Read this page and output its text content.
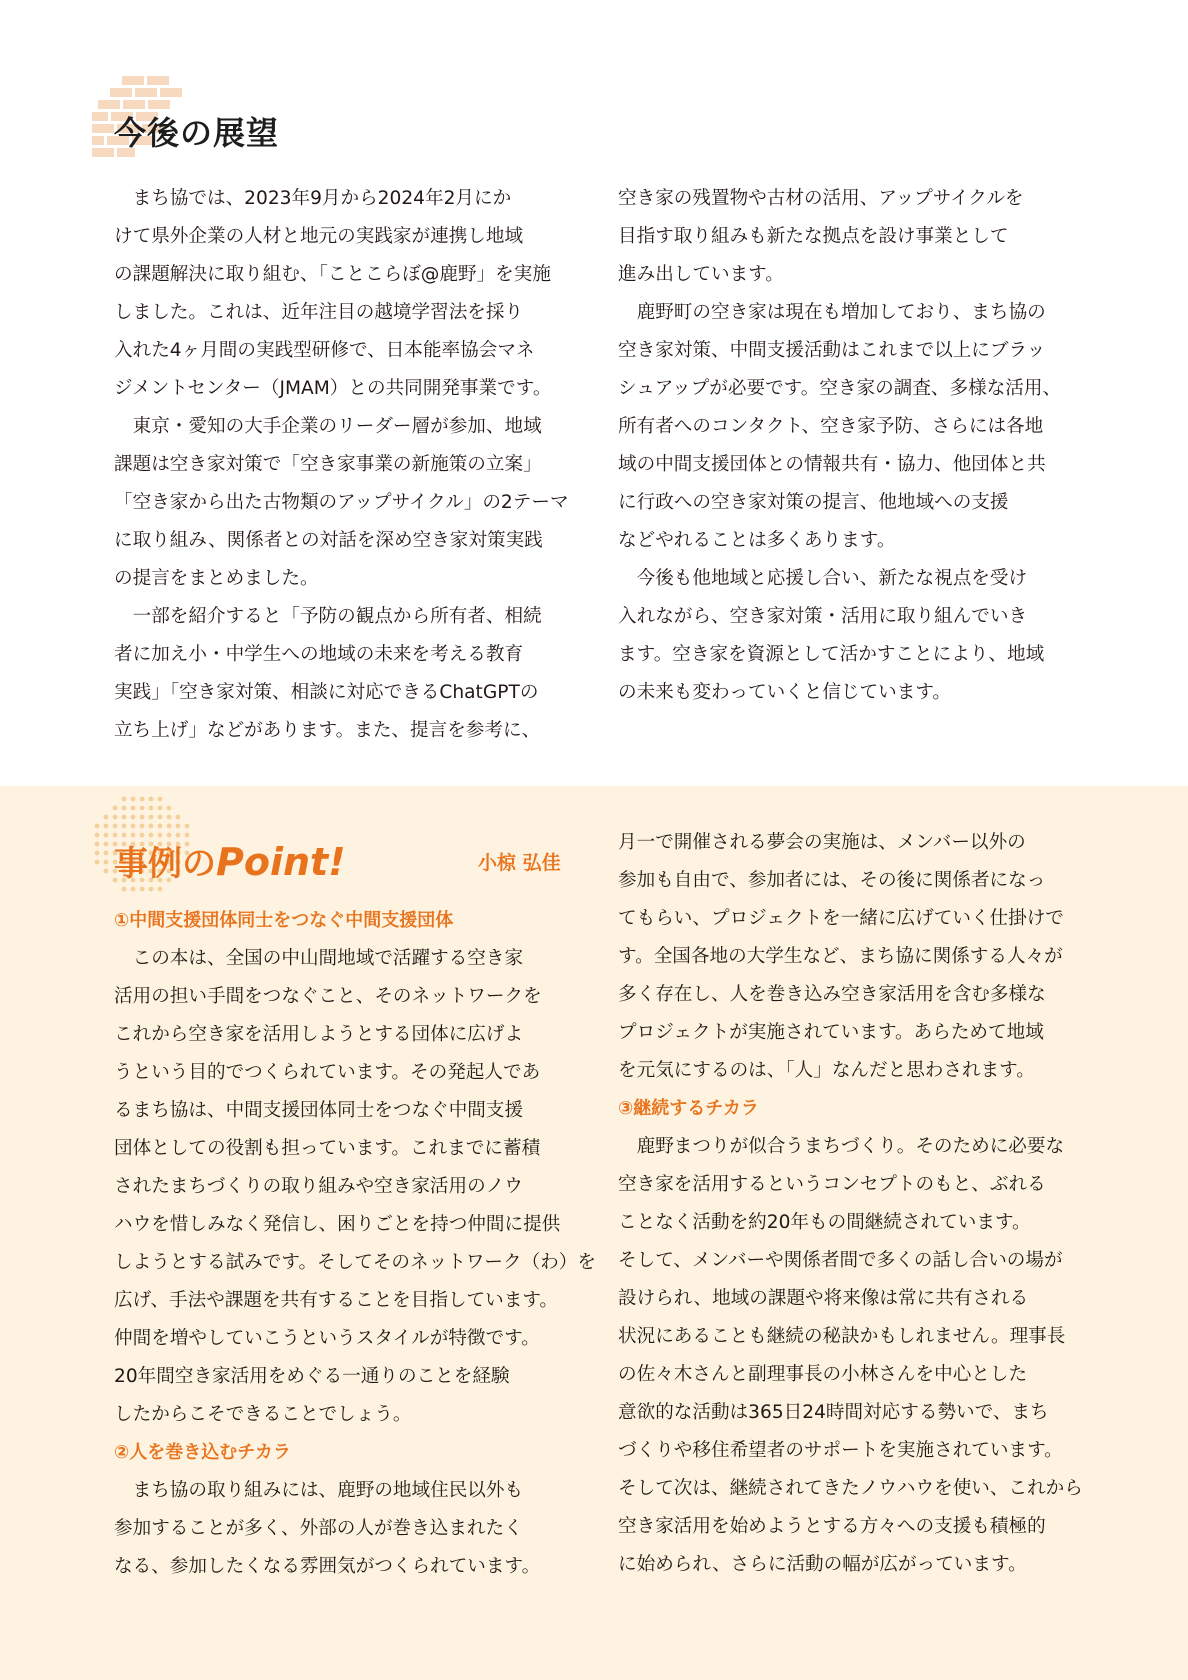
今後の展望

　まち協では、2023年9月から2024年2月にか

けて県外企業の人材と地元の実践家が連携し地域

の課題解決に取り組む、「ことこらぼ@鹿野」を実施

しました。これは、近年注目の越境学習法を採り

入れた4ヶ月間の実践型研修で、日本能率協会マネ

ジメントセンター（JMAM）との共同開発事業です。

　東京・愛知の大手企業のリーダー層が参加、地域

課題は空き家対策で「空き家事業の新施策の立案」

「空き家から出た古物類のアップサイクル」の2テーマ

に取り組み、関係者との対話を深め空き家対策実践

の提言をまとめました。

　一部を紹介すると「予防の観点から所有者、相続

者に加え小・中学生への地域の未来を考える教育

実践」「空き家対策、相談に対応できるChatGPTの

立ち上げ」などがあります。また、提言を参考に、

空き家の残置物や古材の活用、アップサイクルを

目指す取り組みも新たな拠点を設け事業として

進み出しています。

　鹿野町の空き家は現在も増加しており、まち協の

空き家対策、中間支援活動はこれまで以上にブラッ

シュアップが必要です。空き家の調査、多様な活用、

所有者へのコンタクト、空き家予防、さらには各地

域の中間支援団体との情報共有・協力、他団体と共

に行政への空き家対策の提言、他地域への支援

などやれることは多くあります。

　今後も他地域と応援し合い、新たな視点を受け

入れながら、空き家対策・活用に取り組んでいき

ます。空き家を資源として活かすことにより、地域

の未来も変わっていくと信じています。

事例のPoint!	小椋 弘佳

①中間支援団体同士をつなぐ中間支援団体

　この本は、全国の中山間地域で活躍する空き家

活用の担い手間をつなぐこと、そのネットワークを

これから空き家を活用しようとする団体に広げよ

うという目的でつくられています。その発起人であ

るまち協は、中間支援団体同士をつなぐ中間支援

団体としての役割も担っています。これまでに蓄積

されたまちづくりの取り組みや空き家活用のノウ

ハウを惜しみなく発信し、困りごとを持つ仲間に提供

しようとする試みです。そしてそのネットワーク（わ）を

広げ、手法や課題を共有することを目指しています。

仲間を増やしていこうというスタイルが特徴です。

20年間空き家活用をめぐる一通りのことを経験

したからこそできることでしょう。

②人を巻き込むチカラ

　まち協の取り組みには、鹿野の地域住民以外も

参加することが多く、外部の人が巻き込まれたく

なる、参加したくなる雰囲気がつくられています。

月一で開催される夢会の実施は、メンバー以外の

参加も自由で、参加者には、その後に関係者になっ

てもらい、プロジェクトを一緒に広げていく仕掛けで

す。全国各地の大学生など、まち協に関係する人々が

多く存在し、人を巻き込み空き家活用を含む多様な

プロジェクトが実施されています。あらためて地域

を元気にするのは、「人」なんだと思わされます。

③継続するチカラ

　鹿野まつりが似合うまちづくり。そのために必要な

空き家を活用するというコンセプトのもと、ぶれる

ことなく活動を約20年もの間継続されています。

そして、メンバーや関係者間で多くの話し合いの場が

設けられ、地域の課題や将来像は常に共有される

状況にあることも継続の秘訣かもしれません。理事長

の佐々木さんと副理事長の小林さんを中心とした

意欲的な活動は365日24時間対応する勢いで、まち

づくりや移住希望者のサポートを実施されています。

そして次は、継続されてきたノウハウを使い、これから

空き家活用を始めようとする方々への支援も積極的

に始められ、さらに活動の幅が広がっています。
